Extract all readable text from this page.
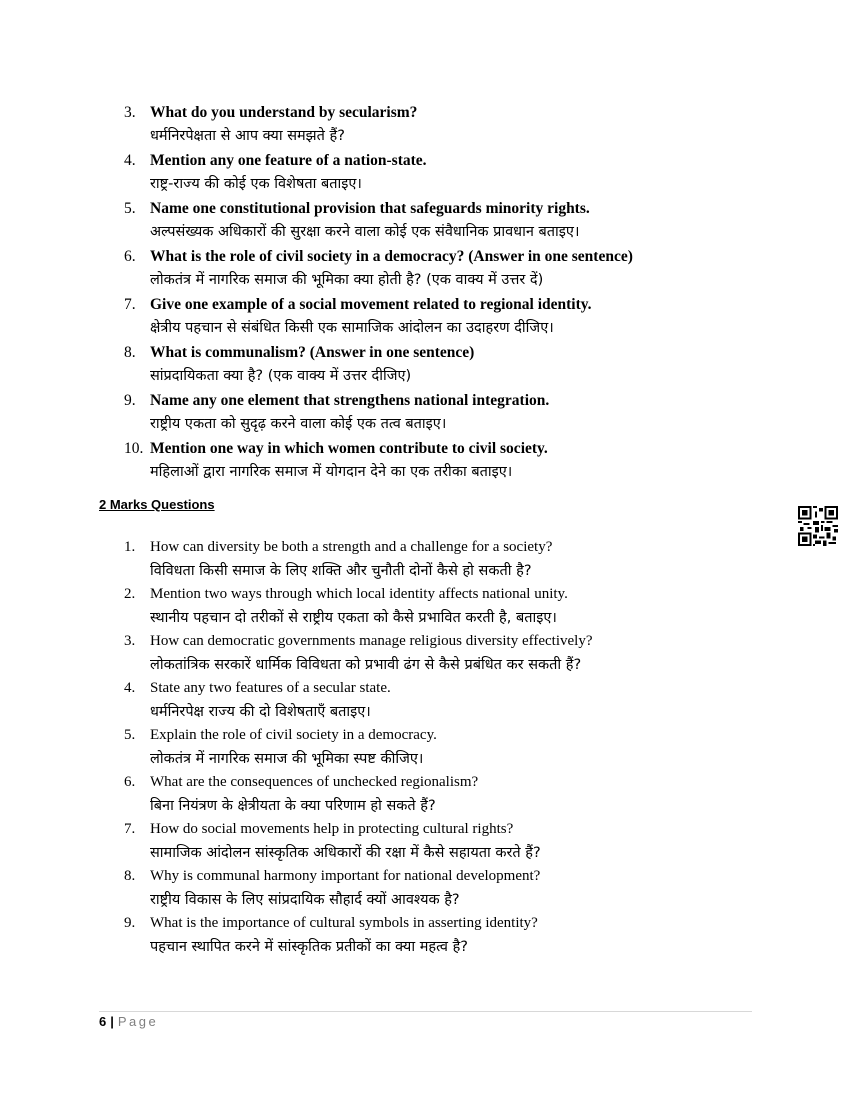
3. What do you understand by secularism?
धर्मनिरपेक्षता से आप क्या समझते हैं?
4. Mention any one feature of a nation-state.
राष्ट्र-राज्य की कोई एक विशेषता बताइए।
5. Name one constitutional provision that safeguards minority rights.
अल्पसंख्यक अधिकारों की सुरक्षा करने वाला कोई एक संवैधानिक प्रावधान बताइए।
6. What is the role of civil society in a democracy? (Answer in one sentence)
लोकतंत्र में नागरिक समाज की भूमिका क्या होती है? (एक वाक्य में उत्तर दें)
7. Give one example of a social movement related to regional identity.
क्षेत्रीय पहचान से संबंधित किसी एक सामाजिक आंदोलन का उदाहरण दीजिए।
8. What is communalism? (Answer in one sentence)
सांप्रदायिकता क्या है? (एक वाक्य में उत्तर दीजिए)
9. Name any one element that strengthens national integration.
राष्ट्रीय एकता को सुदृढ़ करने वाला कोई एक तत्व बताइए।
10. Mention one way in which women contribute to civil society.
महिलाओं द्वारा नागरिक समाज में योगदान देने का एक तरीका बताइए।
2 Marks Questions
1. How can diversity be both a strength and a challenge for a society?
विविधता किसी समाज के लिए शक्ति और चुनौती दोनों कैसे हो सकती है?
2. Mention two ways through which local identity affects national unity.
स्थानीय पहचान दो तरीकों से राष्ट्रीय एकता को कैसे प्रभावित करती है, बताइए।
3. How can democratic governments manage religious diversity effectively?
लोकतांत्रिक सरकारें धार्मिक विविधता को प्रभावी ढंग से कैसे प्रबंधित कर सकती हैं?
4. State any two features of a secular state.
धर्मनिरपेक्ष राज्य की दो विशेषताएँ बताइए।
5. Explain the role of civil society in a democracy.
लोकतंत्र में नागरिक समाज की भूमिका स्पष्ट कीजिए।
6. What are the consequences of unchecked regionalism?
बिना नियंत्रण के क्षेत्रीयता के क्या परिणाम हो सकते हैं?
7. How do social movements help in protecting cultural rights?
सामाजिक आंदोलन सांस्कृतिक अधिकारों की रक्षा में कैसे सहायता करते हैं?
8. Why is communal harmony important for national development?
राष्ट्रीय विकास के लिए सांप्रदायिक सौहार्द क्यों आवश्यक है?
9. What is the importance of cultural symbols in asserting identity?
पहचान स्थापित करने में सांस्कृतिक प्रतीकों का क्या महत्व है?
6 | Page
